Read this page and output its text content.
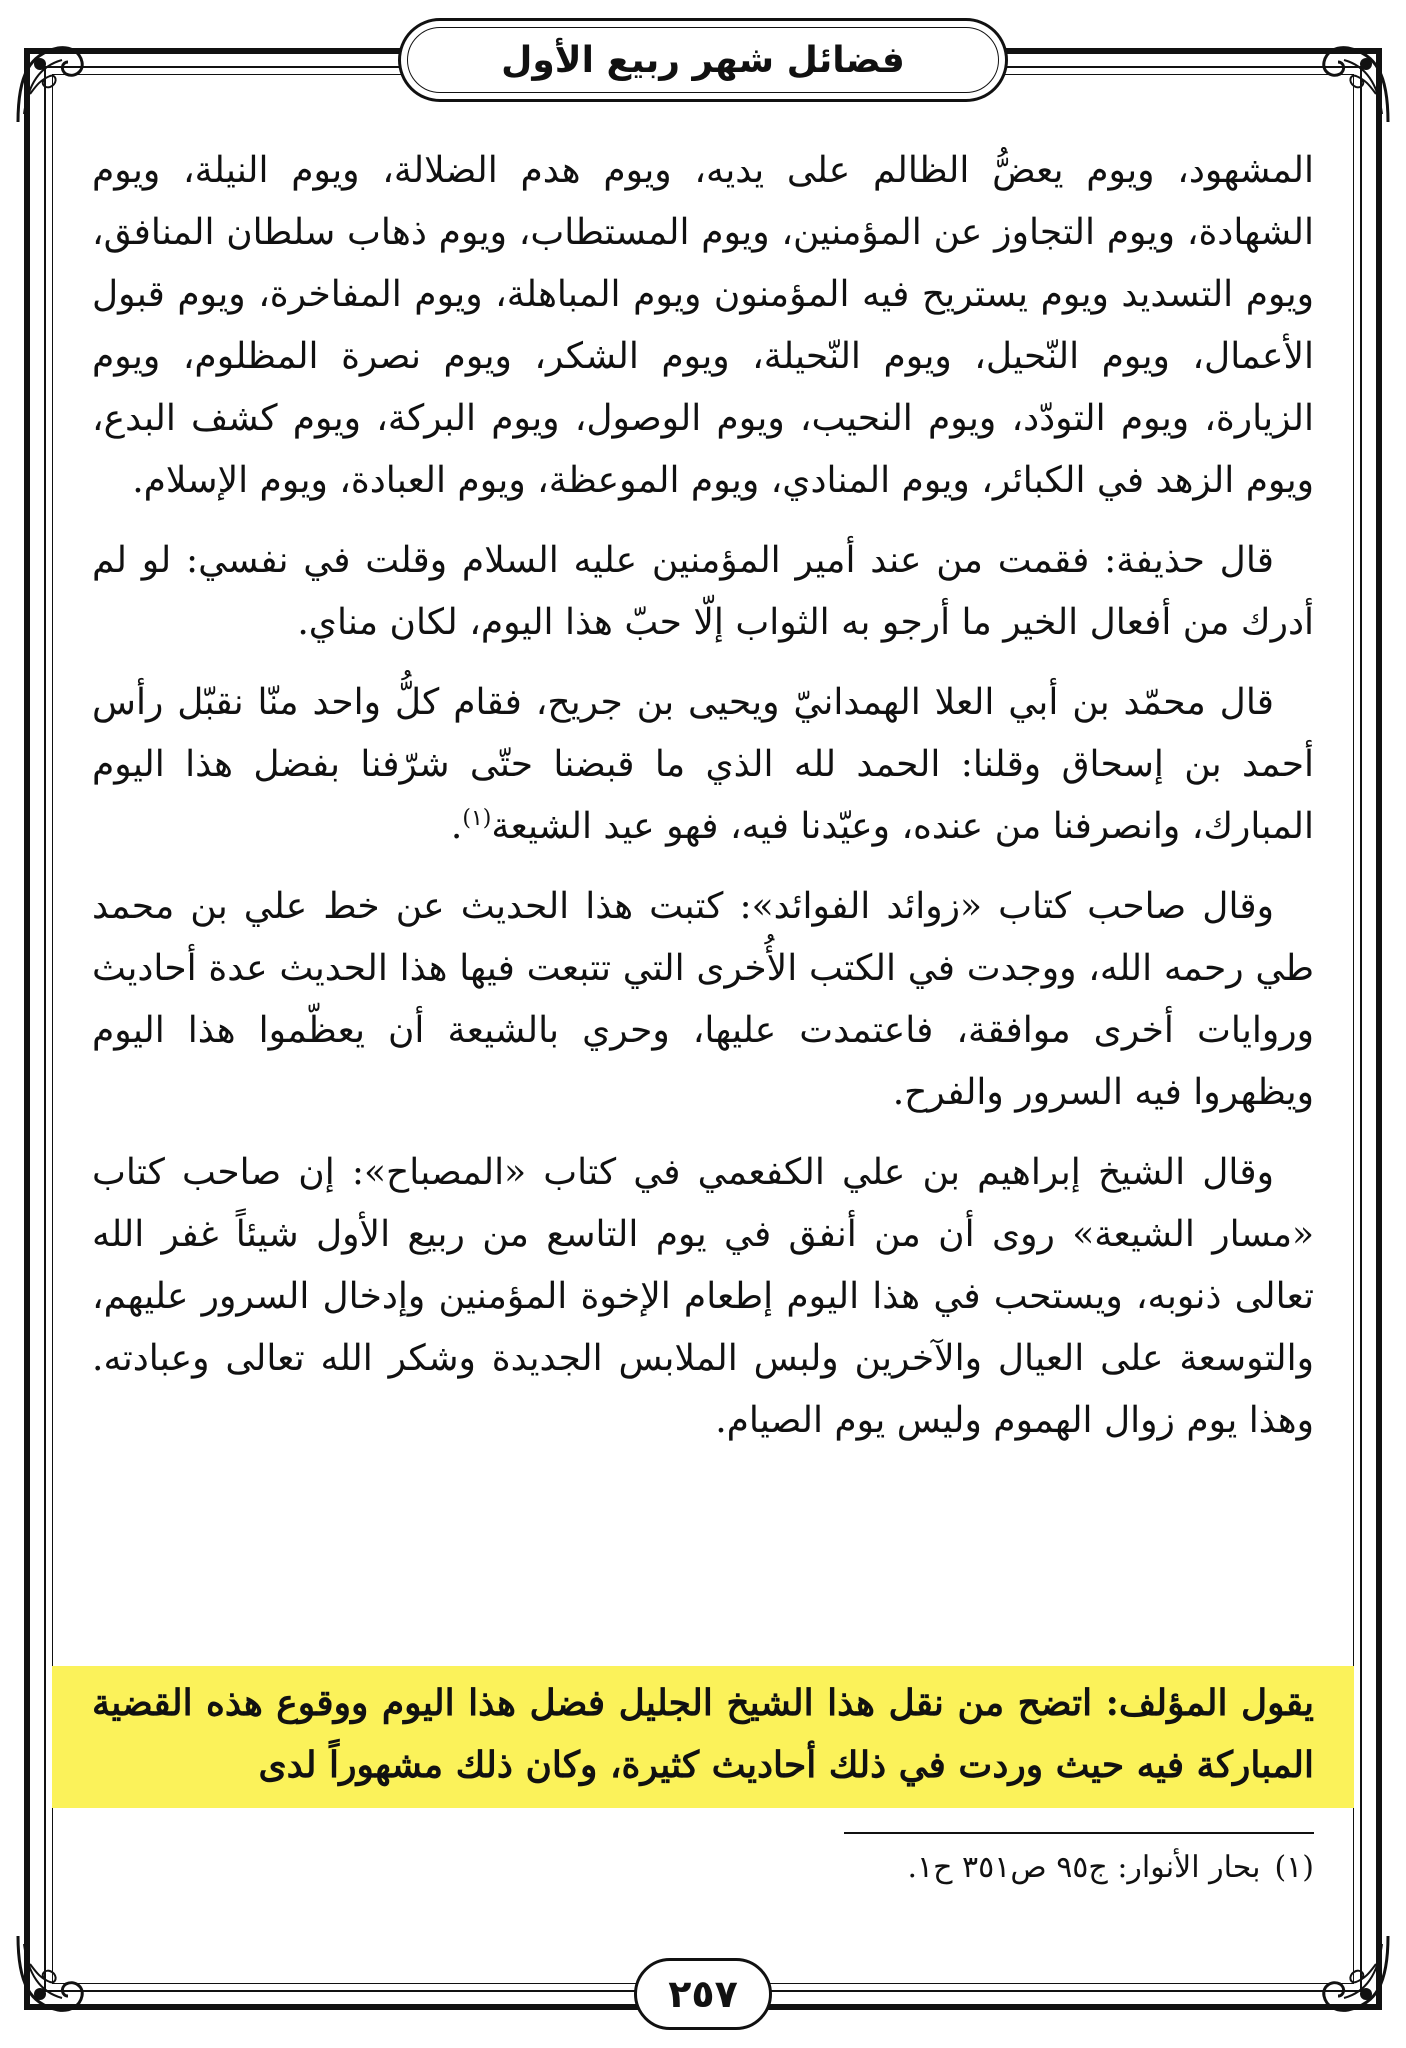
فضائل شهر ربيع الأول

المشهود، ويوم يعضُّ الظالم على يديه، ويوم هدم الضلالة، ويوم النيلة، ويوم الشهادة، ويوم التجاوز عن المؤمنين، ويوم المستطاب، ويوم ذهاب سلطان المنافق، ويوم التسديد ويوم يستريح فيه المؤمنون ويوم المباهلة، ويوم المفاخرة، ويوم قبول الأعمال، ويوم النّحيل، ويوم النّحيلة، ويوم الشكر، ويوم نصرة المظلوم، ويوم الزيارة، ويوم التودّد، ويوم النحيب، ويوم الوصول، ويوم البركة، ويوم كشف البدع، ويوم الزهد في الكبائر، ويوم المنادي، ويوم الموعظة، ويوم العبادة، ويوم الإسلام.

قال حذيفة: فقمت من عند أمير المؤمنين عليه السلام وقلت في نفسي: لو لم أدرك من أفعال الخير ما أرجو به الثواب إلّا حبّ هذا اليوم، لكان مناي.

قال محمّد بن أبي العلا الهمدانيّ ويحيى بن جريح، فقام كلُّ واحد منّا نقبّل رأس أحمد بن إسحاق وقلنا: الحمد لله الذي ما قبضنا حتّى شرّفنا بفضل هذا اليوم المبارك، وانصرفنا من عنده، وعيّدنا فيه، فهو عيد الشيعة$^{(١)}$.

وقال صاحب كتاب «زوائد الفوائد»: كتبت هذا الحديث عن خط علي بن محمد طي رحمه الله، ووجدت في الكتب الأُخرى التي تتبعت فيها هذا الحديث عدة أحاديث وروايات أخرى موافقة، فاعتمدت عليها، وحري بالشيعة أن يعظّموا هذا اليوم ويظهروا فيه السرور والفرح.

وقال الشيخ إبراهيم بن علي الكفعمي في كتاب «المصباح»: إن صاحب كتاب «مسار الشيعة» روى أن من أنفق في يوم التاسع من ربيع الأول شيئاً غفر الله تعالى ذنوبه، ويستحب في هذا اليوم إطعام الإخوة المؤمنين وإدخال السرور عليهم، والتوسعة على العيال والآخرين ولبس الملابس الجديدة وشكر الله تعالى وعبادته. وهذا يوم زوال الهموم وليس يوم الصيام.

يقول المؤلف: اتضح من نقل هذا الشيخ الجليل فضل هذا اليوم ووقوع هذه القضية المباركة فيه حيث وردت في ذلك أحاديث كثيرة، وكان ذلك مشهوراً لدى
(١)بحار الأنوار: ج٩٥ ص٣٥١ ح١.
٢٥٧
